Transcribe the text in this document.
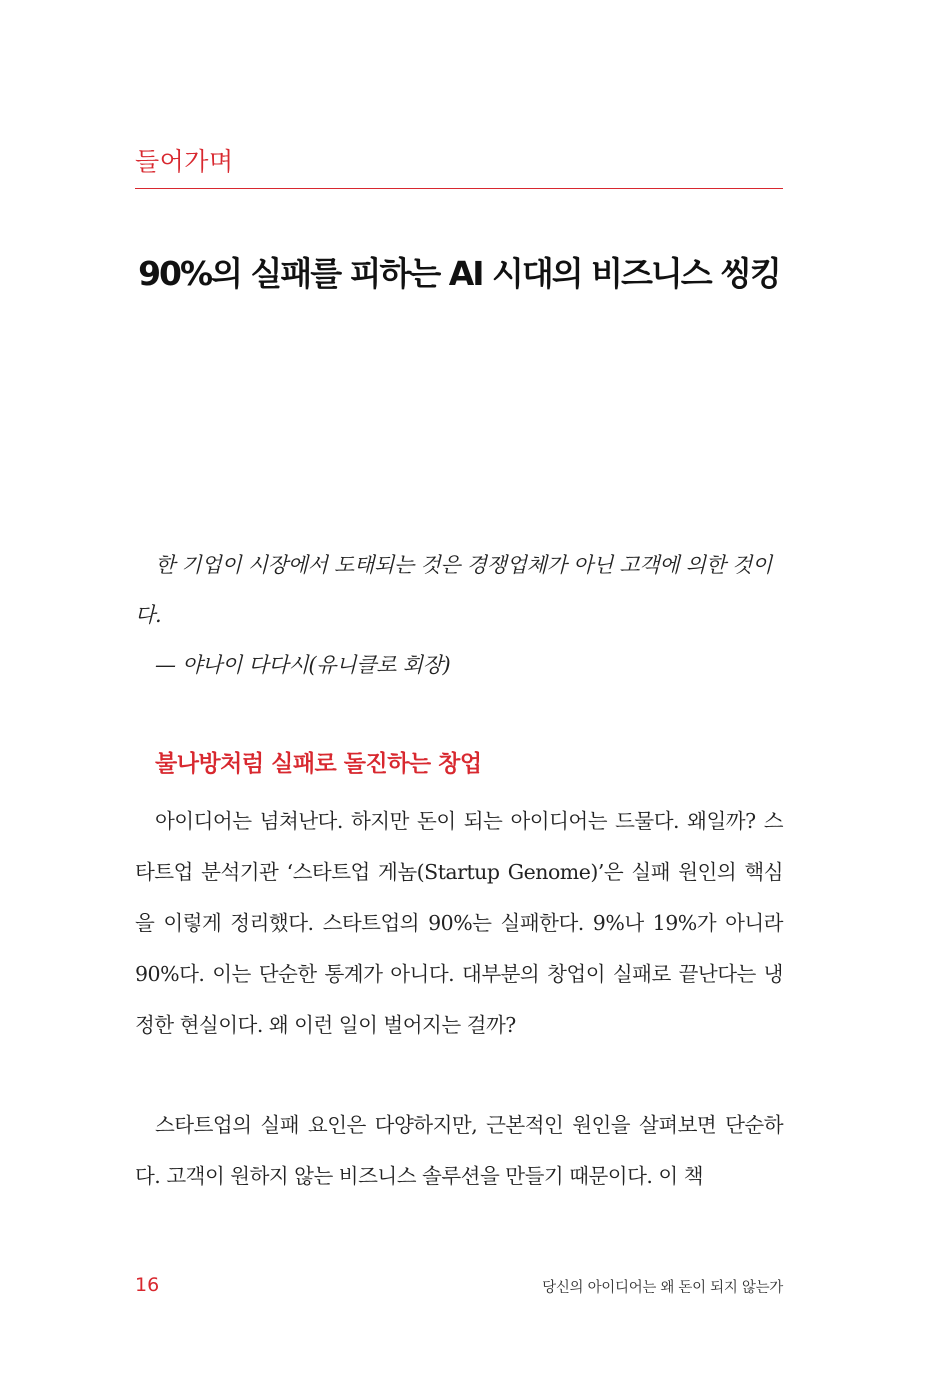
들어가며
90%의 실패를 피하는 AI 시대의 비즈니스 씽킹

한 기업이 시장에서 도태되는 것은 경쟁업체가 아닌 고객에 의한 것이다.

— 야나이 다다시(유니클로 회장)

불나방처럼 실패로 돌진하는 창업

아이디어는 넘쳐난다. 하지만 돈이 되는 아이디어는 드물다. 왜일까? 스타트업 분석기관 ‘스타트업 게놈(Startup Genome)’은 실패 원인의 핵심을 이렇게 정리했다. 스타트업의 90%는 실패한다. 9%나 19%가 아니라 90%다. 이는 단순한 통계가 아니다. 대부분의 창업이 실패로 끝난다는 냉정한 현실이다. 왜 이런 일이 벌어지는 걸까?

스타트업의 실패 요인은 다양하지만, 근본적인 원인을 살펴보면 단순하다. 고객이 원하지 않는 비즈니스 솔루션을 만들기 때문이다. 이 책

16	당신의 아이디어는 왜 돈이 되지 않는가
